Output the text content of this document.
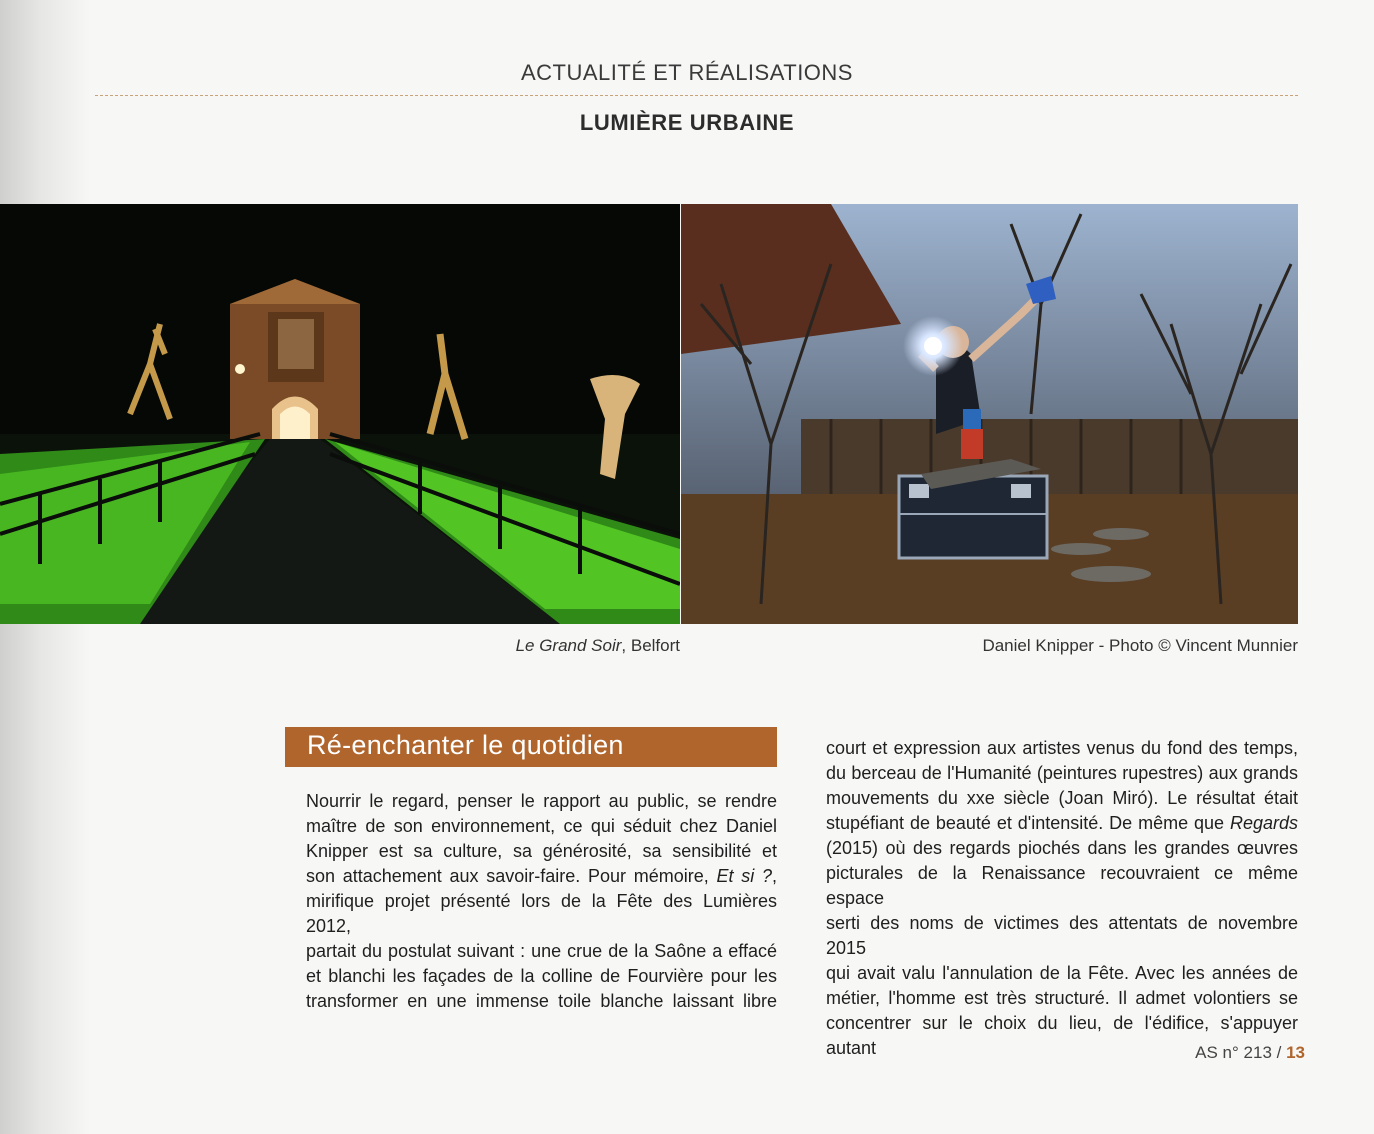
ACTUALITÉ ET RÉALISATIONS
LUMIÈRE URBAINE
Le Grand Soir, Belfort	Daniel Knipper - Photo © Vincent Munnier
Ré-enchanter le quotidien
Nourrir le regard, penser le rapport au public, se rendre
maître de son environnement, ce qui séduit chez Daniel
Knipper est sa culture, sa générosité, sa sensibilité et
son attachement aux savoir-faire. Pour mémoire, Et si ?,
mirifique projet présenté lors de la Fête des Lumières 2012,
partait du postulat suivant : une crue de la Saône a effacé
et blanchi les façades de la colline de Fourvière pour les
transformer en une immense toile blanche laissant libre
court et expression aux artistes venus du fond des temps,
du berceau de l'Humanité (peintures rupestres) aux grands
mouvements du xxe siècle (Joan Miró). Le résultat était
stupéfiant de beauté et d'intensité. De même que Regards
(2015) où des regards piochés dans les grandes œuvres
picturales de la Renaissance recouvraient ce même espace
serti des noms de victimes des attentats de novembre 2015
qui avait valu l'annulation de la Fête. Avec les années de
métier, l'homme est très structuré. Il admet volontiers se
concentrer sur le choix du lieu, de l'édifice, s'appuyer autant	AS n° 213 / 13
